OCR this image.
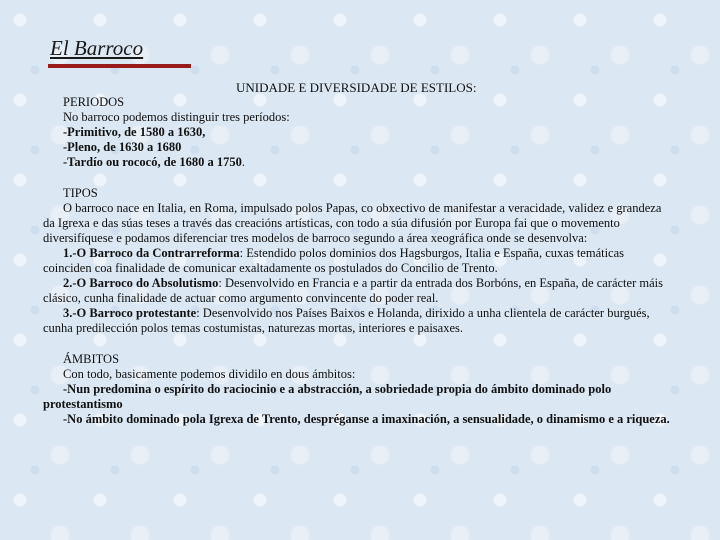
El Barroco
UNIDADE E DIVERSIDADE DE ESTILOS:

PERIODOS

No barroco podemos distinguir tres períodos:

-Primitivo, de 1580 a 1630,

-Pleno, de 1630 a 1680

-Tardío ou rococó, de 1680 a 1750.

TIPOS

O barroco nace en Italia, en Roma, impulsado polos Papas, co obxectivo de manifestar a veracidade, validez e grandeza da Igrexa e das súas teses a través das creacións artísticas, con todo a súa difusión por Europa fai que o movemento diversifíquese e podamos diferenciar tres modelos de barroco segundo a área xeográfica onde se desenvolva:

1.-O Barroco da Contrarreforma: Estendido polos dominios dos Hagsburgos, Italia e España, cuxas temáticas coinciden coa finalidade de comunicar exaltadamente os postulados do Concilio de Trento.

2.-O Barroco do Absolutismo: Desenvolvido en Francia e a partir da entrada dos Borbóns, en España, de carácter máis clásico, cunha finalidade de actuar como argumento convincente do poder real.

3.-O Barroco protestante: Desenvolvido nos Países Baixos e Holanda, dirixido a unha clientela de carácter burgués, cunha predilección polos temas costumistas, naturezas mortas, interiores e paisaxes.

ÁMBITOS

Con todo, basicamente podemos dividilo en dous ámbitos:

-Nun predomina o espírito do raciocinio e a abstracción, a sobriedade propia do ámbito dominado polo protestantismo

-No ámbito dominado pola Igrexa de Trento, despréganse a imaxinación, a sensualidade, o dinamismo e a riqueza.
